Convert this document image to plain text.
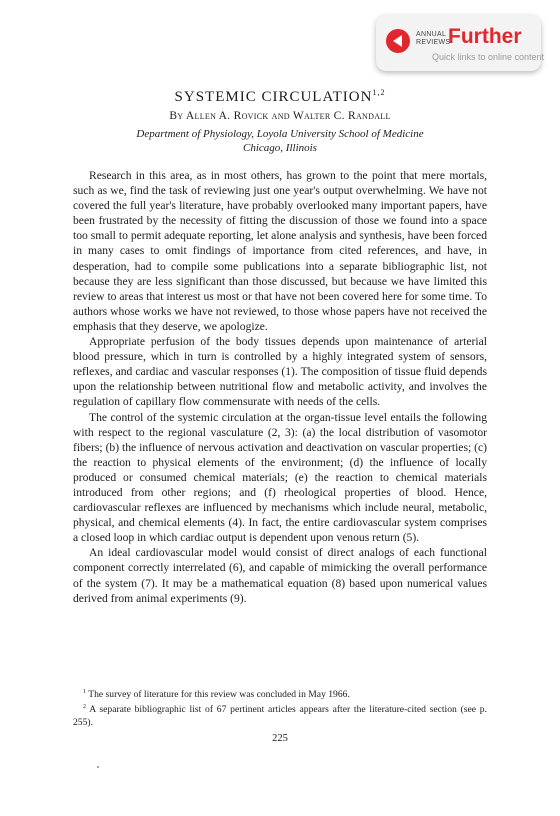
ANNUAL
REVIEWS
Further
Quick links to online content
SYSTEMIC CIRCULATION$^{1,2}$
By Allen A. Rovick and Walter C. Randall
Department of Physiology, Loyola University School of Medicine
Chicago, Illinois

Research in this area, as in most others, has grown to the point that mere mortals, such as we, find the task of reviewing just one year's output overwhelming. We have not covered the full year's literature, have probably overlooked many important papers, have been frustrated by the necessity of fitting the discussion of those we found into a space too small to permit adequate reporting, let alone analysis and synthesis, have been forced in many cases to omit findings of importance from cited references, and have, in desperation, had to compile some publications into a separate bibliographic list, not because they are less significant than those discussed, but because we have limited this review to areas that interest us most or that have not been covered here for some time. To authors whose works we have not reviewed, to those whose papers have not received the emphasis that they deserve, we apologize.

Appropriate perfusion of the body tissues depends upon maintenance of arterial blood pressure, which in turn is controlled by a highly integrated system of sensors, reflexes, and cardiac and vascular responses (1). The composition of tissue fluid depends upon the relationship between nutritional flow and metabolic activity, and involves the regulation of capillary flow commensurate with needs of the cells.

The control of the systemic circulation at the organ-tissue level entails the following with respect to the regional vasculature (2, 3): (a) the local distribution of vasomotor fibers; (b) the influence of nervous activation and deactivation on vascular properties; (c) the reaction to physical elements of the environment; (d) the influence of locally produced or consumed chemical materials; (e) the reaction to chemical materials introduced from other regions; and (f) rheological properties of blood. Hence, cardiovascular reflexes are influenced by mechanisms which include neural, metabolic, physical, and chemical elements (4). In fact, the entire cardiovascular system comprises a closed loop in which cardiac output is dependent upon venous return (5).

An ideal cardiovascular model would consist of direct analogs of each functional component correctly interrelated (6), and capable of mimicking the overall performance of the system (7). It may be a mathematical equation (8) based upon numerical values derived from animal experiments (9).

$^1$ The survey of literature for this review was concluded in May 1966.

$^2$ A separate bibliographic list of 67 pertinent articles appears after the literature-cited section (see p. 255).

225
